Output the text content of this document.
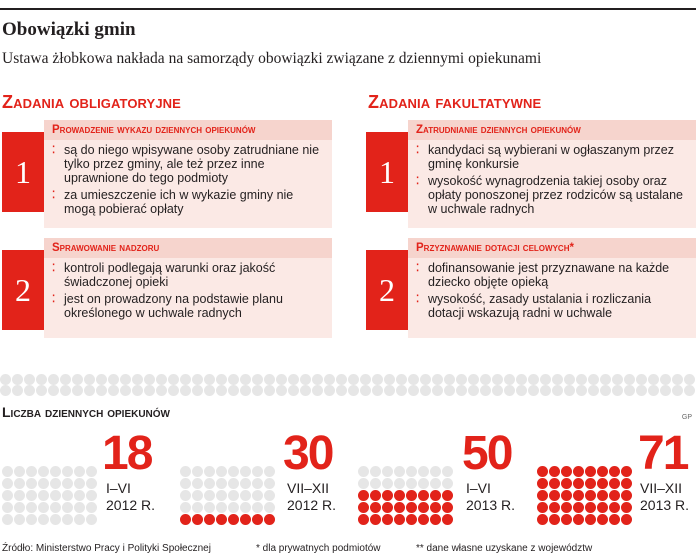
Obowiązki gmin
Ustawa żłobkowa nakłada na samorządy obowiązki związane z dziennymi opiekunami
Zadania obligatoryjne	Zadania fakultatywne
1
Prowadzenie wykazu dziennych opiekunów
⁚ są do niego wpisywane osoby zatrudniane nie tylko przez gminy, ale też przez inne uprawnione do tego podmioty
⁚ za umieszczenie ich w wykazie gminy nie mogą pobierać opłaty
2
Sprawowanie nadzoru
⁚ kontroli podlegają warunki oraz jakość świadczonej opieki
⁚ jest on prowadzony na podstawie planu określonego w uchwale radnych
1
Zatrudnianie dziennych opiekunów
⁚ kandydaci są wybierani w ogłaszanym przez gminę konkursie
⁚ wysokość wynagrodzenia takiej osoby oraz opłaty ponoszonej przez rodziców są ustalane w uchwale radnych
2
Przyznawanie dotacji celowych*
⁚ dofinansowanie jest przyznawane na każde dziecko objęte opieką
⁚ wysokość, zasady ustalania i rozliczania dotacji wskazują radni w uchwale
Liczba dziennych opiekunów	GP
18
I–VI
2012 R.
30
VII–XII
2012 R.
50
I–VI
2013 R.
71
VII–XII
2013 R.
Źródło: Ministerstwo Pracy i Polityki Społecznej	* dla prywatnych podmiotów	** dane własne uzyskane z województw
